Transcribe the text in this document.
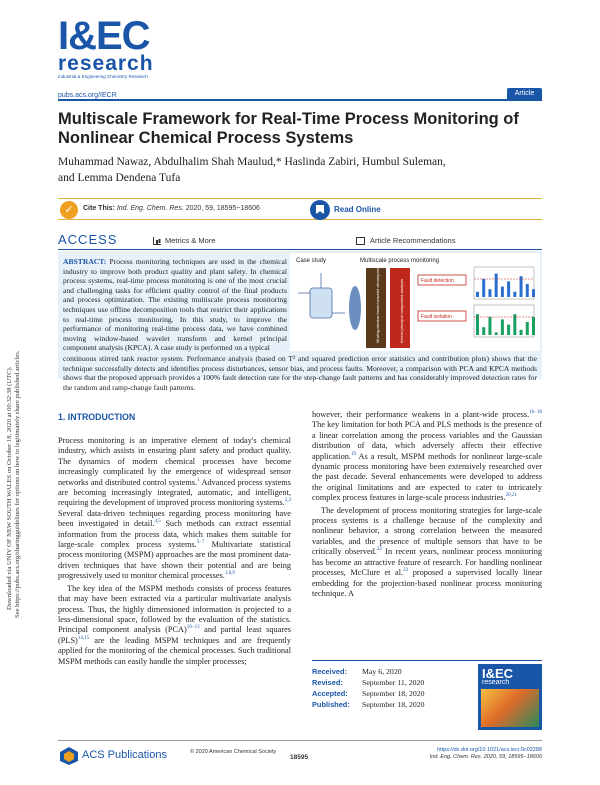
Downloaded via UNIV OF NEW SOUTH WALES on October 18, 2020 at 00:32:38 (UTC). See https://pubs.acs.org/sharingguidelines for options on how to legitimately share published articles.

I&EC
research
Industrial & Engineering Chemistry Research
pubs.acs.org/IECR	Article
Multiscale Framework for Real-Time Process Monitoring of
Nonlinear Chemical Process Systems
Muhammad Nawaz, Abdulhalim Shah Maulud,* Haslinda Zabiri, Humbul Suleman,
and Lemma Dendena Tufa
✓	Cite This: Ind. Eng. Chem. Res. 2020, 59, 18595−18606	Read Online
ACCESS	Metrics & More	Article Recommendations
ABSTRACT: Process monitoring techniques are used in the chemical industry to improve both product quality and plant safety. In chemical process systems, real-time process monitoring is one of the most crucial and challenging tasks for efficient quality control of the final products and process optimization. The existing multiscale process monitoring techniques use offline decomposition tools that restrict their applications to real-time process monitoring. In this study, to improve the performance of monitoring real-time process data, we have combined moving window-based wavelet transform and kernel principal component analysis (KPCA). A case study is performed on a typical
Case study	Multiscale process monitoring
Moving-window based wavelet decomposition	Kernel principal component analysis	Fault detection
Fault isolation
continuous stirred tank reactor system. Performance analysis (based on T² and squared prediction error statistics and contribution plots) shows that the technique successfully detects and identifies process disturbances, sensor bias, and process faults. Moreover, a comparison with PCA and KPCA methods shows that the proposed approach provides a 100% fault detection rate for the step-change fault patterns and has considerably improved detection rates for the random and ramp-change fault patterns.
1. INTRODUCTION

Process monitoring is an imperative element of today's chemical industry, which assists in ensuring plant safety and product quality. The dynamics of modern chemical processes have become increasingly complicated by the emergence of widespread sensor networks and distributed control systems.$^1$ Advanced process systems are becoming increasingly integrated, automatic, and intelligent, requiring the development of improved process monitoring systems.$^{2,3}$ Several data-driven techniques regarding process monitoring have been investigated in detail.$^{4,5}$ Such methods can extract essential information from the process data, which makes them suitable for large-scale complex process systems.$^{5-7}$ Multivariate statistical process monitoring (MSPM) approaches are the most prominent data-driven techniques that have shown their potential and are being progressively used to monitor chemical processes.$^{1,8,9}$

The key idea of the MSPM methods consists of process features that may have been extracted via a particular multivariate analysis process. Thus, the highly dimensioned information is projected to a less-dimensional space, followed by the evaluation of the statistics. Principal component analysis (PCA)$^{10-13}$ and partial least squares (PLS)$^{14,15}$ are the leading MSPM techniques and are frequently applied for the monitoring of the chemical processes. Such traditional MSPM methods can easily handle the simpler processes;

however, their performance weakens in a plant-wide process.$^{16-18}$ The key limitation for both PCA and PLS methods is the presence of a linear correlation among the process variables and the Gaussian distribution of data, which adversely affects their effective application.$^{19}$ As a result, MSPM methods for nonlinear large-scale dynamic process monitoring have been extensively researched over the past decade. Several enhancements were developed to address the original limitations and are expected to cater to intricately complex process features in large-scale process industries.$^{20,21}$

The development of process monitoring strategies for large-scale process systems is a challenge because of the complexity and nonlinear behavior, a strong correlation between the measured variables, and the presence of multiple sensors that have to be critically observed.$^{22}$ In recent years, nonlinear process monitoring has become an attractive feature of research. For handling nonlinear processes, McClure et al.$^{23}$ proposed a supervised locally linear embedding for the projection-based nonlinear process monitoring technique. A

Received: May 6, 2020
Revised: September 11, 2020
Accepted: September 18, 2020
Published: September 18, 2020
I&EC
research
ACS Publications	© 2020 American Chemical Society
18595
https://dx.doi.org/10.1021/acs.iecr.0c02288
Ind. Eng. Chem. Res. 2020, 59, 18595−18606
